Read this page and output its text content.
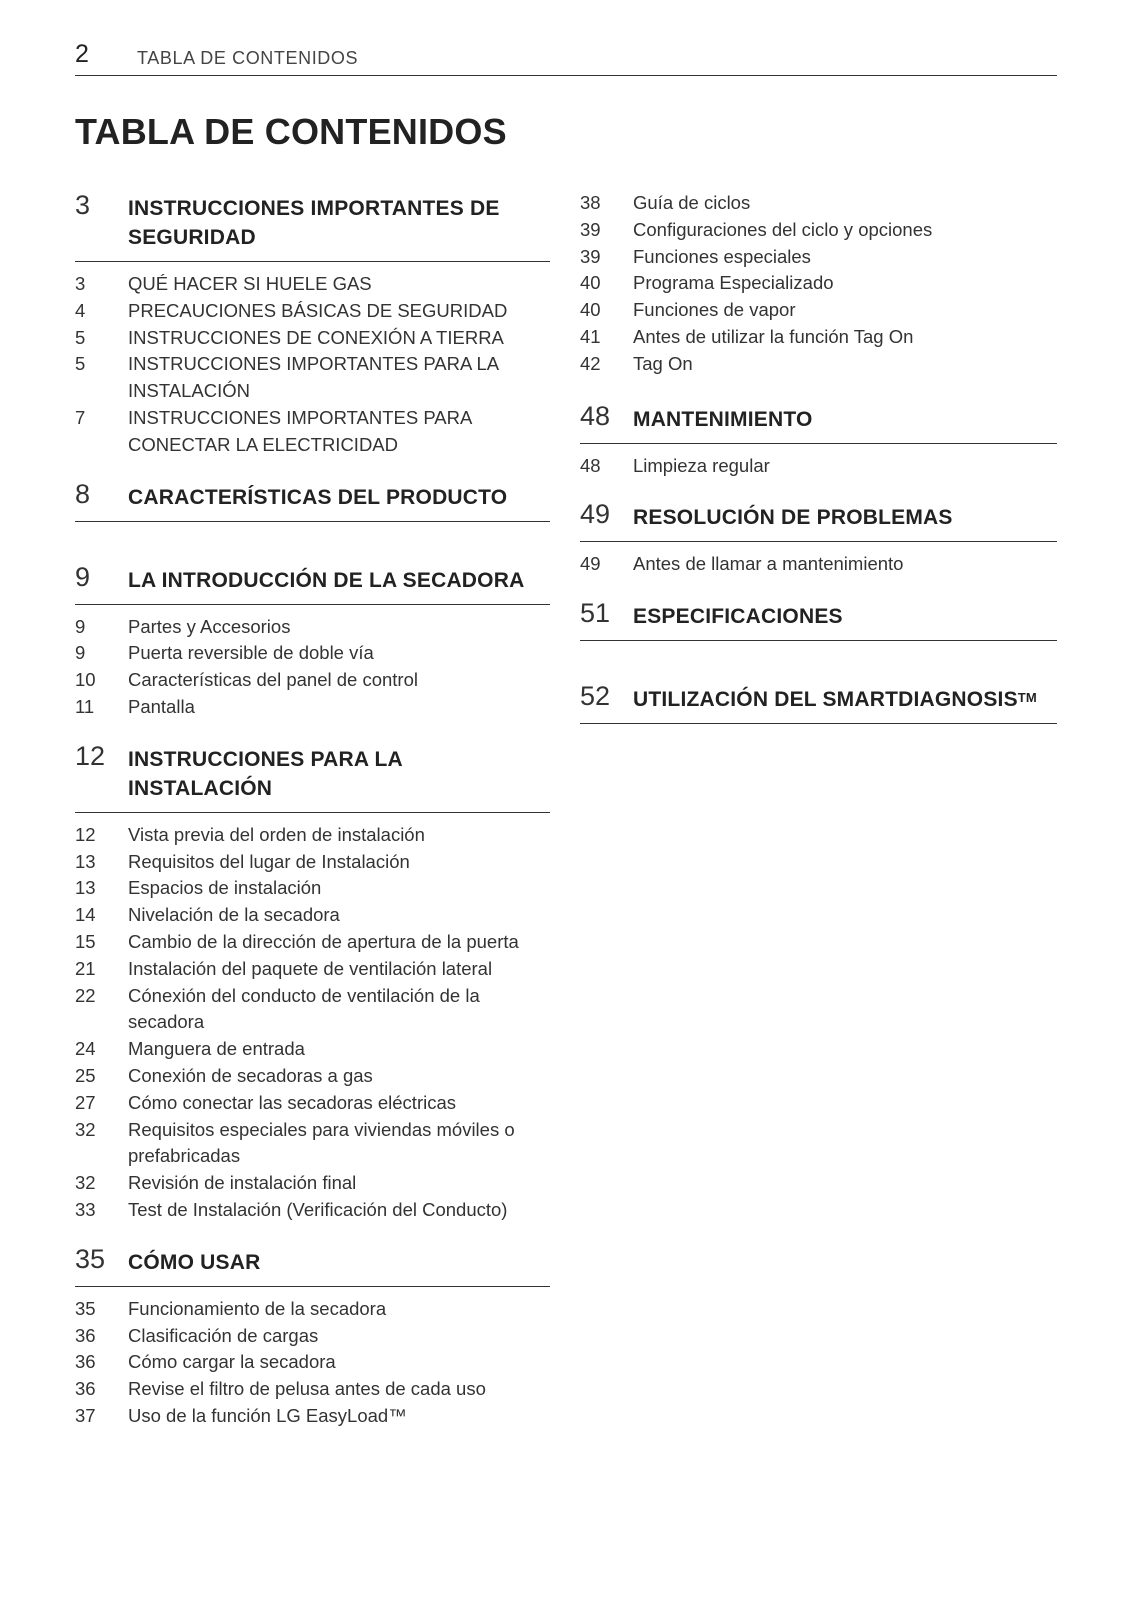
2	TABLA DE CONTENIDOS
TABLA DE CONTENIDOS
3	INSTRUCCIONES IMPORTANTES DE SEGURIDAD
3	QUÉ HACER SI HUELE GAS
4	PRECAUCIONES BÁSICAS DE SEGURIDAD
5	INSTRUCCIONES DE CONEXIÓN A TIERRA
5	INSTRUCCIONES IMPORTANTES PARA LA INSTALACIÓN
7	INSTRUCCIONES IMPORTANTES PARA CONECTAR LA ELECTRICIDAD
8	CARACTERÍSTICAS DEL PRODUCTO
9	LA INTRODUCCIÓN DE LA SECADORA
9	Partes y Accesorios
9	Puerta reversible de doble vía
10	Características del panel de control
11	Pantalla
12	INSTRUCCIONES PARA LA INSTALACIÓN
12	Vista previa del orden de instalación
13	Requisitos del lugar de Instalación
13	Espacios de instalación
14	Nivelación de la secadora
15	Cambio de la dirección de apertura de la puerta
21	Instalación del paquete de ventilación lateral
22	Cónexión del conducto de ventilación de la secadora
24	Manguera de entrada
25	Conexión de secadoras a gas
27	Cómo conectar las secadoras eléctricas
32	Requisitos especiales para viviendas móviles o prefabricadas
32	Revisión de instalación final
33	Test de Instalación (Verificación del Conducto)
35	CÓMO USAR
35	Funcionamiento de la secadora
36	Clasificación de cargas
36	Cómo cargar la secadora
36	Revise el filtro de pelusa antes de cada uso
37	Uso de la función LG EasyLoad™
38	Guía de ciclos
39	Configuraciones del ciclo y opciones
39	Funciones especiales
40	Programa Especializado
40	Funciones de vapor
41	Antes de utilizar la función Tag On
42	Tag On
48	MANTENIMIENTO
48	Limpieza regular
49	RESOLUCIÓN DE PROBLEMAS
49	Antes de llamar a mantenimiento
51	ESPECIFICACIONES
52	UTILIZACIÓN DEL SMARTDIAGNOSIS™
